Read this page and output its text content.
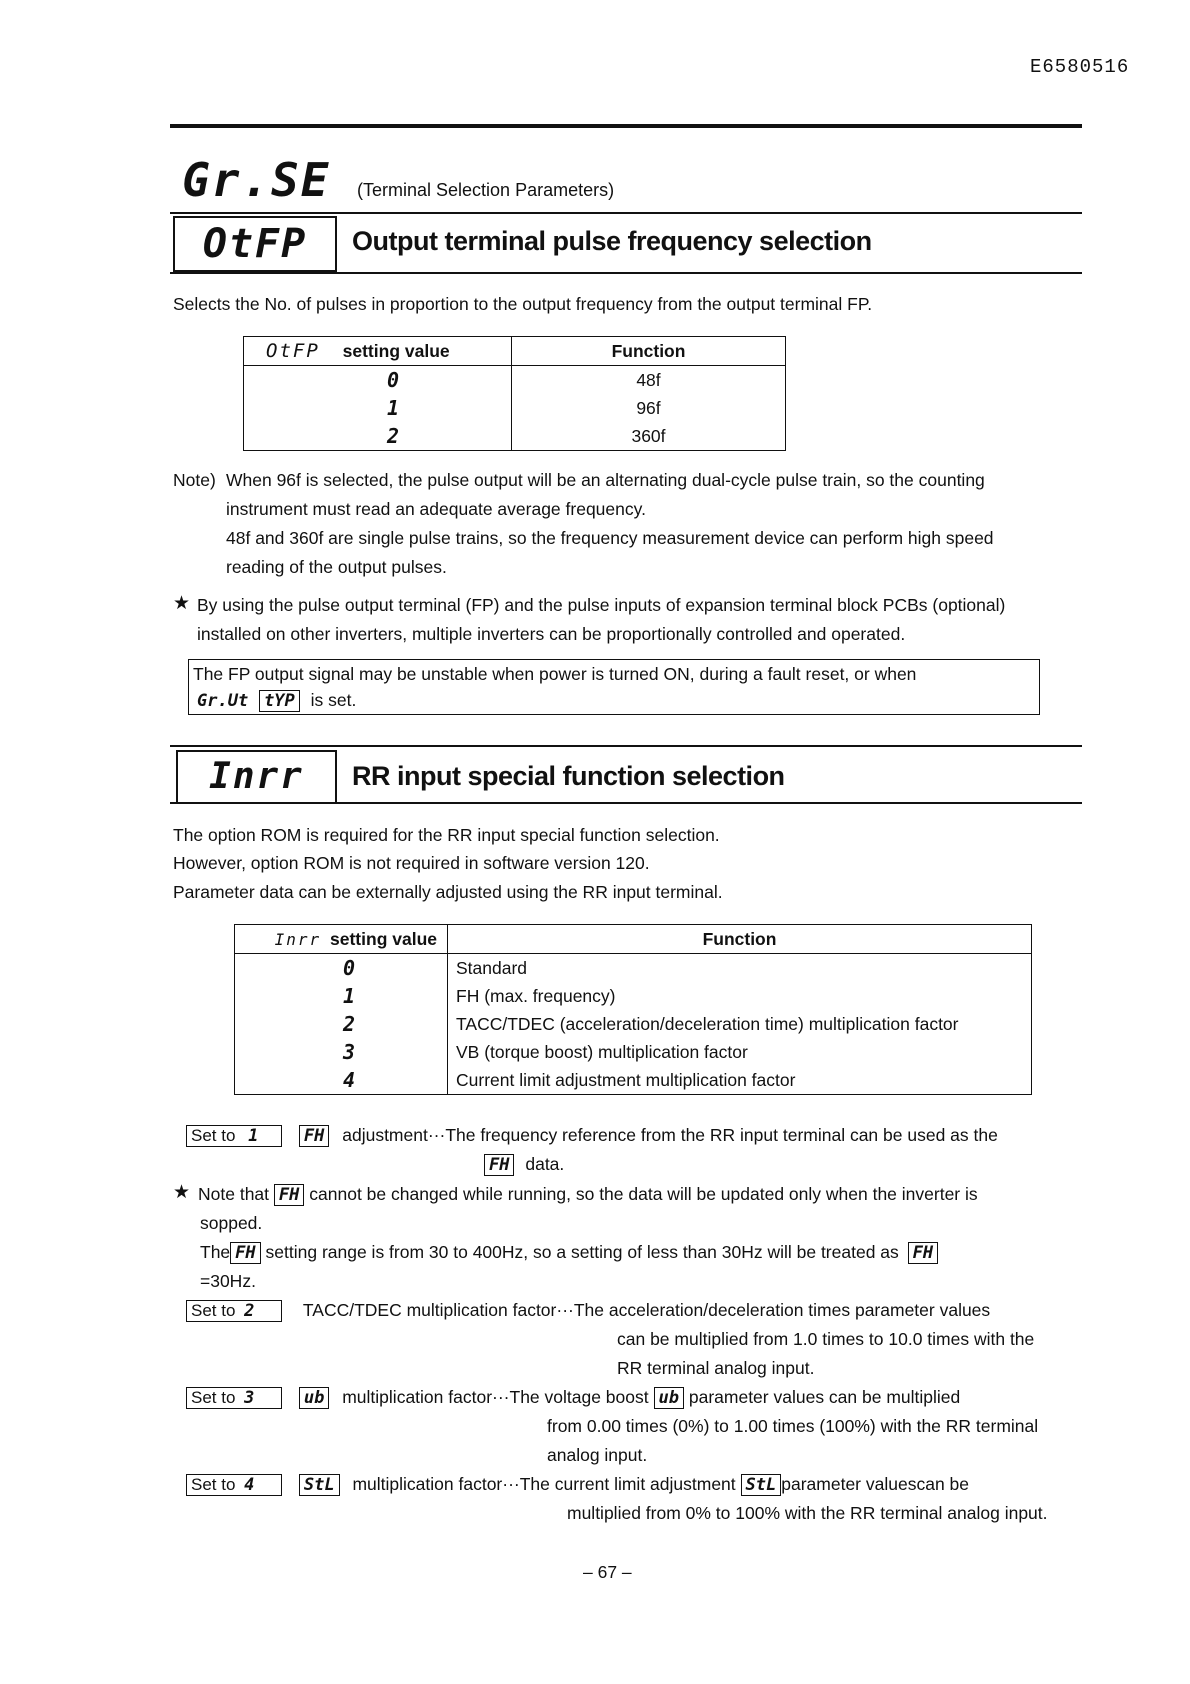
E6580516
Gr.SE (Terminal Selection Parameters)
OtFP	Output terminal pulse frequency selection
Selects the No. of pulses in proportion to the output frequency from the output terminal FP.
OtFP setting value	Function
0	48f
1	96f
2	360f
Note) When 96f is selected, the pulse output will be an alternating dual-cycle pulse train, so the counting
instrument must read an adequate average frequency.
48f and 360f are single pulse trains, so the frequency measurement device can perform high speed
reading of the output pulses.
★ By using the pulse output terminal (FP) and the pulse inputs of expansion terminal block PCBs (optional)
installed on other inverters, multiple inverters can be proportionally controlled and operated.
The FP output signal may be unstable when power is turned ON, during a fault reset, or when
Gr.Ut tYP is set.
Inrr	RR input special function selection
The option ROM is required for the RR input special function selection.
However, option ROM is not required in software version 120.
Parameter data can be externally adjusted using the RR input terminal.
Inrr setting value	Function
0	Standard
1	FH (max. frequency)
2	TACC/TDEC (acceleration/deceleration time) multiplication factor
3	VB (torque boost) multiplication factor
4	Current limit adjustment multiplication factor
Set to 1	FH adjustment···The frequency reference from the RR input terminal can be used as the
FH data.
★ Note that FH cannot be changed while running, so the data will be updated only when the inverter is
sopped.
The FH setting range is from 30 to 400Hz, so a setting of less than 30Hz will be treated as FH
=30Hz.
Set to 2	TACC/TDEC multiplication factor···The acceleration/deceleration times parameter values
can be multiplied from 1.0 times to 10.0 times with the
RR terminal analog input.
Set to 3	ub multiplication factor···The voltage boost ub parameter values can be multiplied
from 0.00 times (0%) to 1.00 times (100%) with the RR terminal
analog input.
Set to 4	StL multiplication factor···The current limit adjustment StL parameter valuescan be
multiplied from 0% to 100% with the RR terminal analog input.
– 67 –
